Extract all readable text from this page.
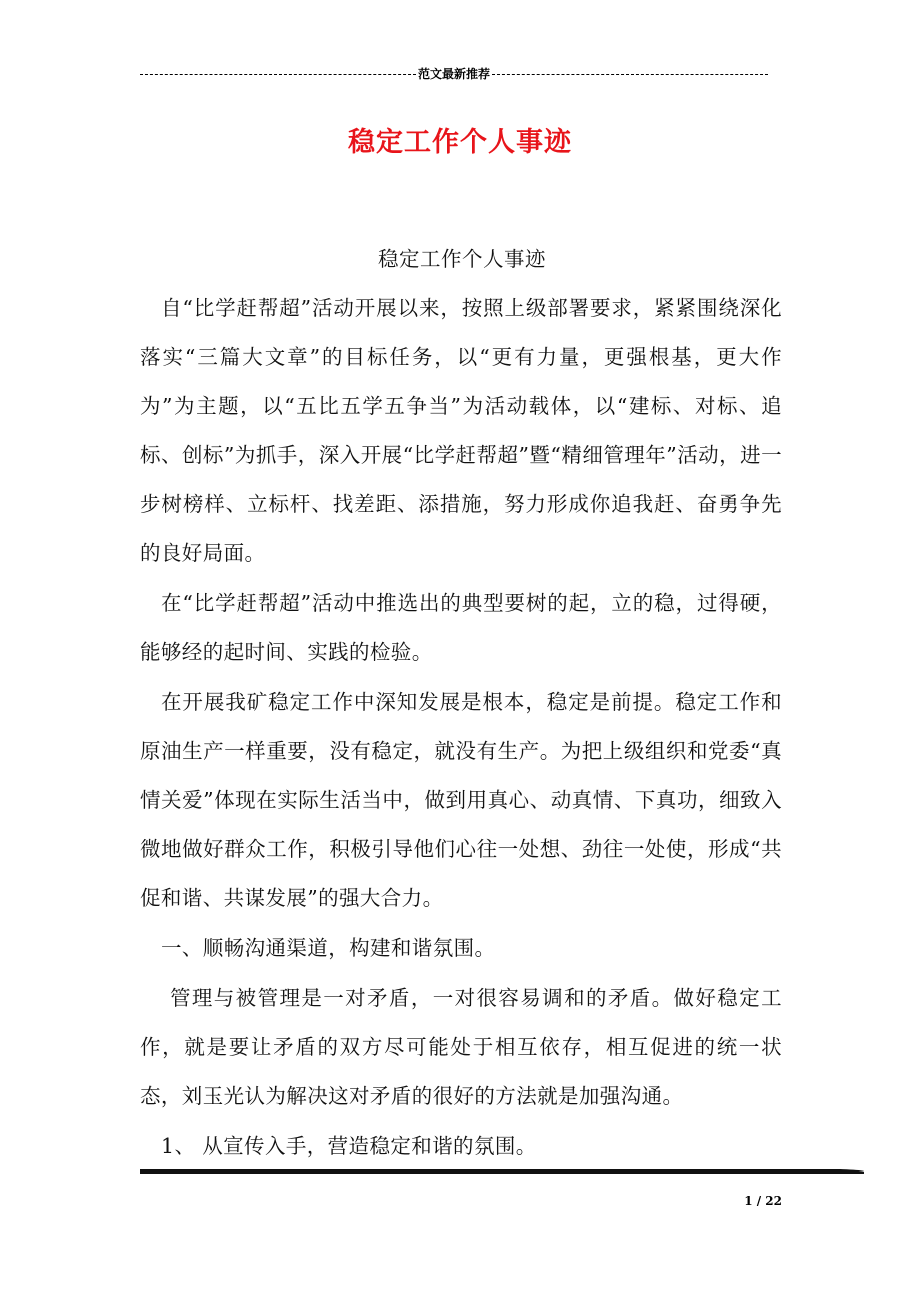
范文最新推荐
稳定工作个人事迹

稳定工作个人事迹

自“比学赶帮超”活动开展以来，按照上级部署要求，紧紧围绕深化落实“三篇大文章”的目标任务，以“更有力量，更强根基，更大作为”为主题，以“五比五学五争当”为活动载体，以“建标、对标、追标、创标”为抓手，深入开展“比学赶帮超”暨“精细管理年”活动，进一步树榜样、立标杆、找差距、添措施，努力形成你追我赶、奋勇争先的良好局面。

在“比学赶帮超”活动中推选出的典型要树的起，立的稳，过得硬，能够经的起时间、实践的检验。

在开展我矿稳定工作中深知发展是根本，稳定是前提。稳定工作和原油生产一样重要，没有稳定，就没有生产。为把上级组织和党委“真情关爱”体现在实际生活当中，做到用真心、动真情、下真功，细致入微地做好群众工作，积极引导他们心往一处想、劲往一处使，形成“共促和谐、共谋发展”的强大合力。

一、顺畅沟通渠道，构建和谐氛围。

管理与被管理是一对矛盾，一对很容易调和的矛盾。做好稳定工作，就是要让矛盾的双方尽可能处于相互依存，相互促进的统一状态，刘玉光认为解决这对矛盾的很好的方法就是加强沟通。

1、 从宣传入手，营造稳定和谐的氛围。

1 / 22
